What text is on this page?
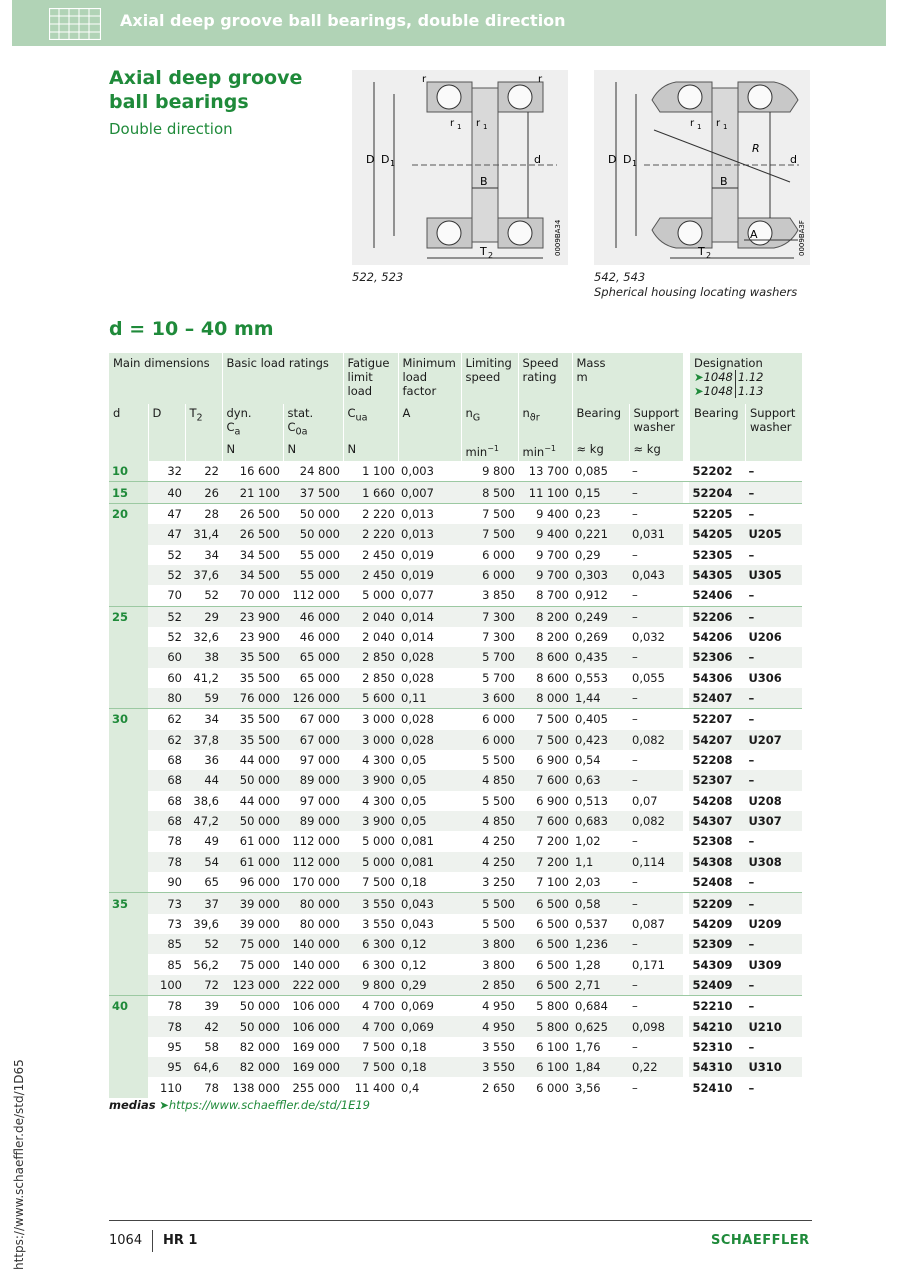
Axial deep groove ball bearings, double direction
Axial deep groove ball bearings
Double direction
D D 1	d
B
T 2
r	r
r 1 r 1
0009BA34
522, 523
D D 1	d
R
B
A
T 2
r 1 r 1
0009BA3F
542, 543
Spherical housing locating washers
d = 10 – 40 mm
Main dimensions			Basic load ratings		Fatigue limit load	Minimum load factor	Limiting speed	Speed rating	Mass
m			Designation
➤1048 1.12
➤1048 1.13	
d	D	$T_2$	dyn.
$C_a$	stat.
$C_{0a}$	$C_{ua}$	A	$n_G$	$n_{ϑr}$	Bearing	Support washer		Bearing	Support washer
			N	N	N		$\min^{-1}$	$\min^{-1}$	≈ kg	≈ kg			
10	32	22	16 600	24 800	1 100	0,003	9 800	13 700	0,085	–		52202	–
15	40	26	21 100	37 500	1 660	0,007	8 500	11 100	0,15	–		52204	–
20	47	28	26 500	50 000	2 220	0,013	7 500	9 400	0,23	–		52205	–
	47	31,4	26 500	50 000	2 220	0,013	7 500	9 400	0,221	0,031		54205	U205
	52	34	34 500	55 000	2 450	0,019	6 000	9 700	0,29	–		52305	–
	52	37,6	34 500	55 000	2 450	0,019	6 000	9 700	0,303	0,043		54305	U305
	70	52	70 000	112 000	5 000	0,077	3 850	8 700	0,912	–		52406	–
25	52	29	23 900	46 000	2 040	0,014	7 300	8 200	0,249	–		52206	–
	52	32,6	23 900	46 000	2 040	0,014	7 300	8 200	0,269	0,032		54206	U206
	60	38	35 500	65 000	2 850	0,028	5 700	8 600	0,435	–		52306	–
	60	41,2	35 500	65 000	2 850	0,028	5 700	8 600	0,553	0,055		54306	U306
	80	59	76 000	126 000	5 600	0,11	3 600	8 000	1,44	–		52407	–
30	62	34	35 500	67 000	3 000	0,028	6 000	7 500	0,405	–		52207	–
	62	37,8	35 500	67 000	3 000	0,028	6 000	7 500	0,423	0,082		54207	U207
	68	36	44 000	97 000	4 300	0,05	5 500	6 900	0,54	–		52208	–
	68	44	50 000	89 000	3 900	0,05	4 850	7 600	0,63	–		52307	–
	68	38,6	44 000	97 000	4 300	0,05	5 500	6 900	0,513	0,07		54208	U208
	68	47,2	50 000	89 000	3 900	0,05	4 850	7 600	0,683	0,082		54307	U307
	78	49	61 000	112 000	5 000	0,081	4 250	7 200	1,02	–		52308	–
	78	54	61 000	112 000	5 000	0,081	4 250	7 200	1,1	0,114		54308	U308
	90	65	96 000	170 000	7 500	0,18	3 250	7 100	2,03	–		52408	–
35	73	37	39 000	80 000	3 550	0,043	5 500	6 500	0,58	–		52209	–
	73	39,6	39 000	80 000	3 550	0,043	5 500	6 500	0,537	0,087		54209	U209
	85	52	75 000	140 000	6 300	0,12	3 800	6 500	1,236	–		52309	–
	85	56,2	75 000	140 000	6 300	0,12	3 800	6 500	1,28	0,171		54309	U309
	100	72	123 000	222 000	9 800	0,29	2 850	6 500	2,71	–		52409	–
40	78	39	50 000	106 000	4 700	0,069	4 950	5 800	0,684	–		52210	–
	78	42	50 000	106 000	4 700	0,069	4 950	5 800	0,625	0,098		54210	U210
	95	58	82 000	169 000	7 500	0,18	3 550	6 100	1,76	–		52310	–
	95	64,6	82 000	169 000	7 500	0,18	3 550	6 100	1,84	0,22		54310	U310
	110	78	138 000	255 000	11 400	0,4	2 650	6 000	3,56	–		52410	–
medias ➤https://www.schaeffler.de/std/1E19
https://www.schaeffler.de/std/1D65	1064 HR 1	SCHAEFFLER
